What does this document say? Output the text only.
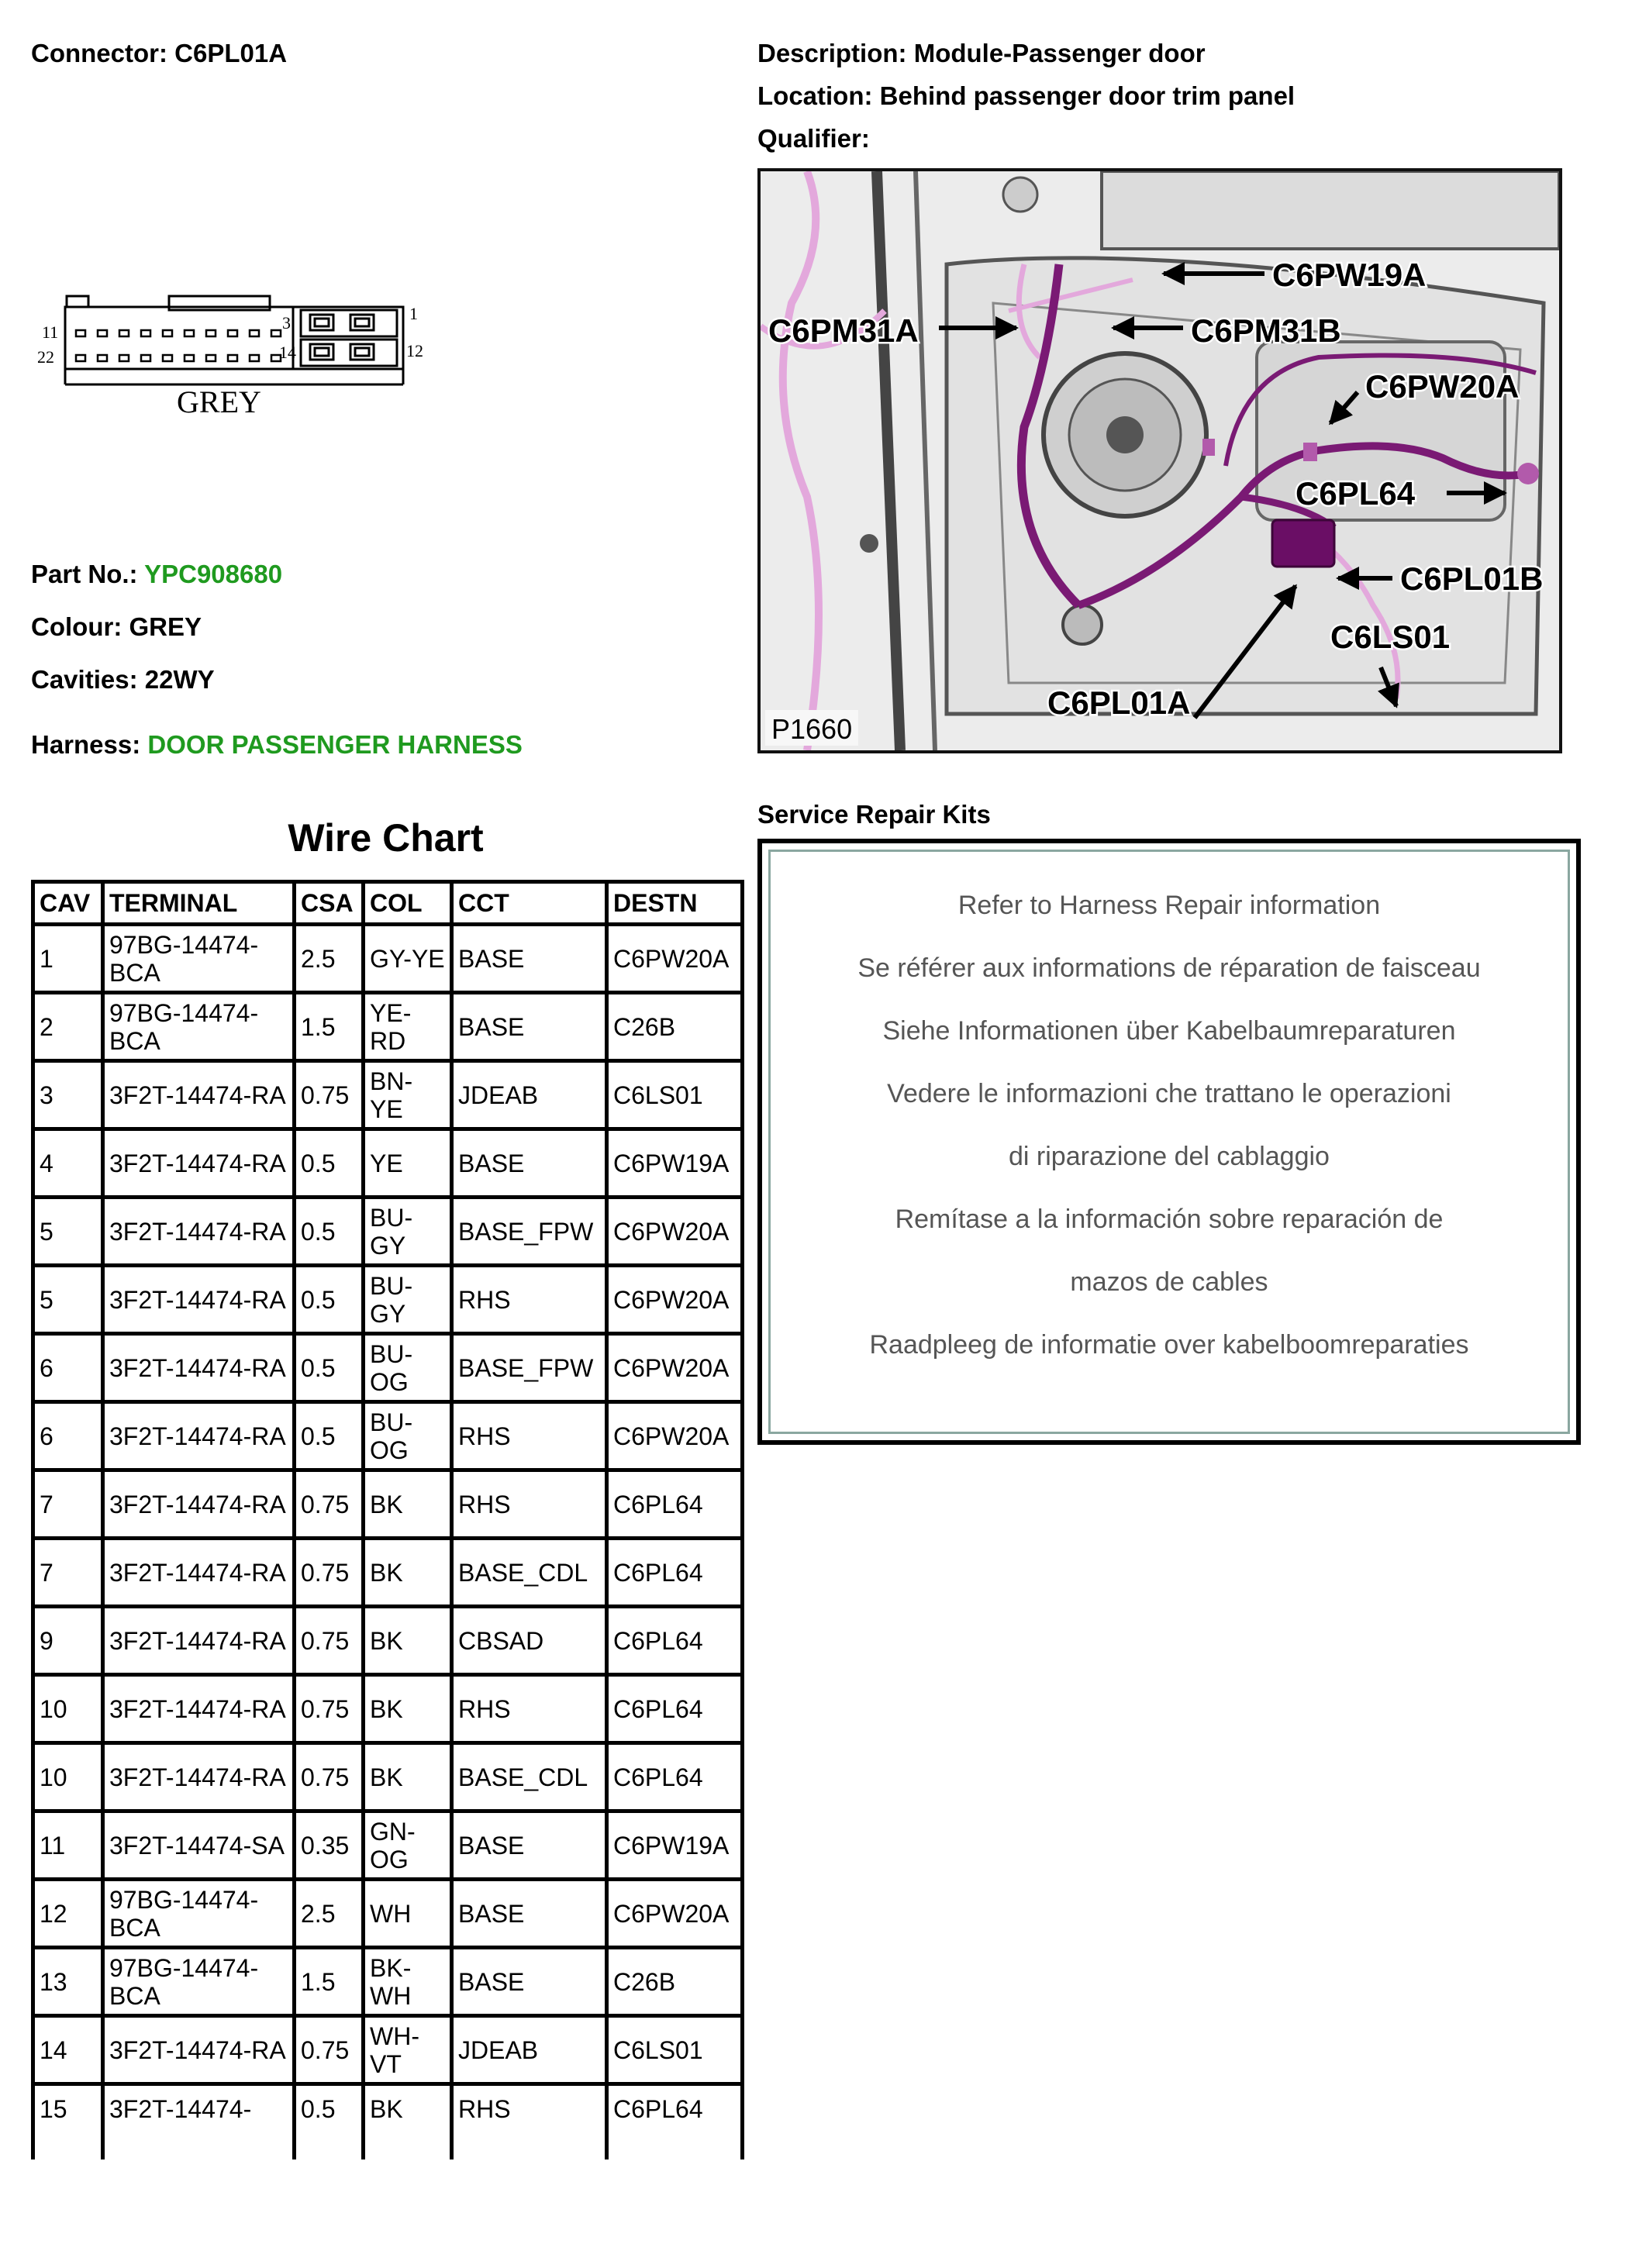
Connector: C6PL01A	Description: Module-Passenger door
Location: Behind passenger door trim panel
Qualifier:
1
11
22
3
14	12
GREY
Part No.: YPC908680
Colour: GREY
Cavities: 22WY
Harness: DOOR PASSENGER HARNESS
Wire Chart
CAV	TERMINAL	CSA	COL	CCT	DESTN
1	97BG-14474-BCA	2.5	GY-YE	BASE	C6PW20A
2	97BG-14474-BCA	1.5	YE-RD	BASE	C26B
3	3F2T-14474-RA	0.75	BN-YE	JDEAB	C6LS01
4	3F2T-14474-RA	0.5	YE	BASE	C6PW19A
5	3F2T-14474-RA	0.5	BU-GY	BASE_FPW	C6PW20A
5	3F2T-14474-RA	0.5	BU-GY	RHS	C6PW20A
6	3F2T-14474-RA	0.5	BU-OG	BASE_FPW	C6PW20A
6	3F2T-14474-RA	0.5	BU-OG	RHS	C6PW20A
7	3F2T-14474-RA	0.75	BK	RHS	C6PL64
7	3F2T-14474-RA	0.75	BK	BASE_CDL	C6PL64
9	3F2T-14474-RA	0.75	BK	CBSAD	C6PL64
10	3F2T-14474-RA	0.75	BK	RHS	C6PL64
10	3F2T-14474-RA	0.75	BK	BASE_CDL	C6PL64
11	3F2T-14474-SA	0.35	GN-OG	BASE	C6PW19A
12	97BG-14474-BCA	2.5	WH	BASE	C6PW20A
13	97BG-14474-BCA	1.5	BK-WH	BASE	C26B
14	3F2T-14474-RA	0.75	WH-VT	JDEAB	C6LS01
15	3F2T-14474-	0.5	BK	RHS	C6PL64
C6PW19A
C6PM31A	C6PM31B
C6PW20A
C6PL64
C6PL01B
C6LS01
C6PL01A
P1660
Service Repair Kits
Refer to Harness Repair information
Se référer aux informations de réparation de faisceau
Siehe Informationen über Kabelbaumreparaturen
Vedere le informazioni che trattano le operazioni
di riparazione del cablaggio
Remítase a la información sobre reparación de
mazos de cables
Raadpleeg de informatie over kabelboomreparaties
